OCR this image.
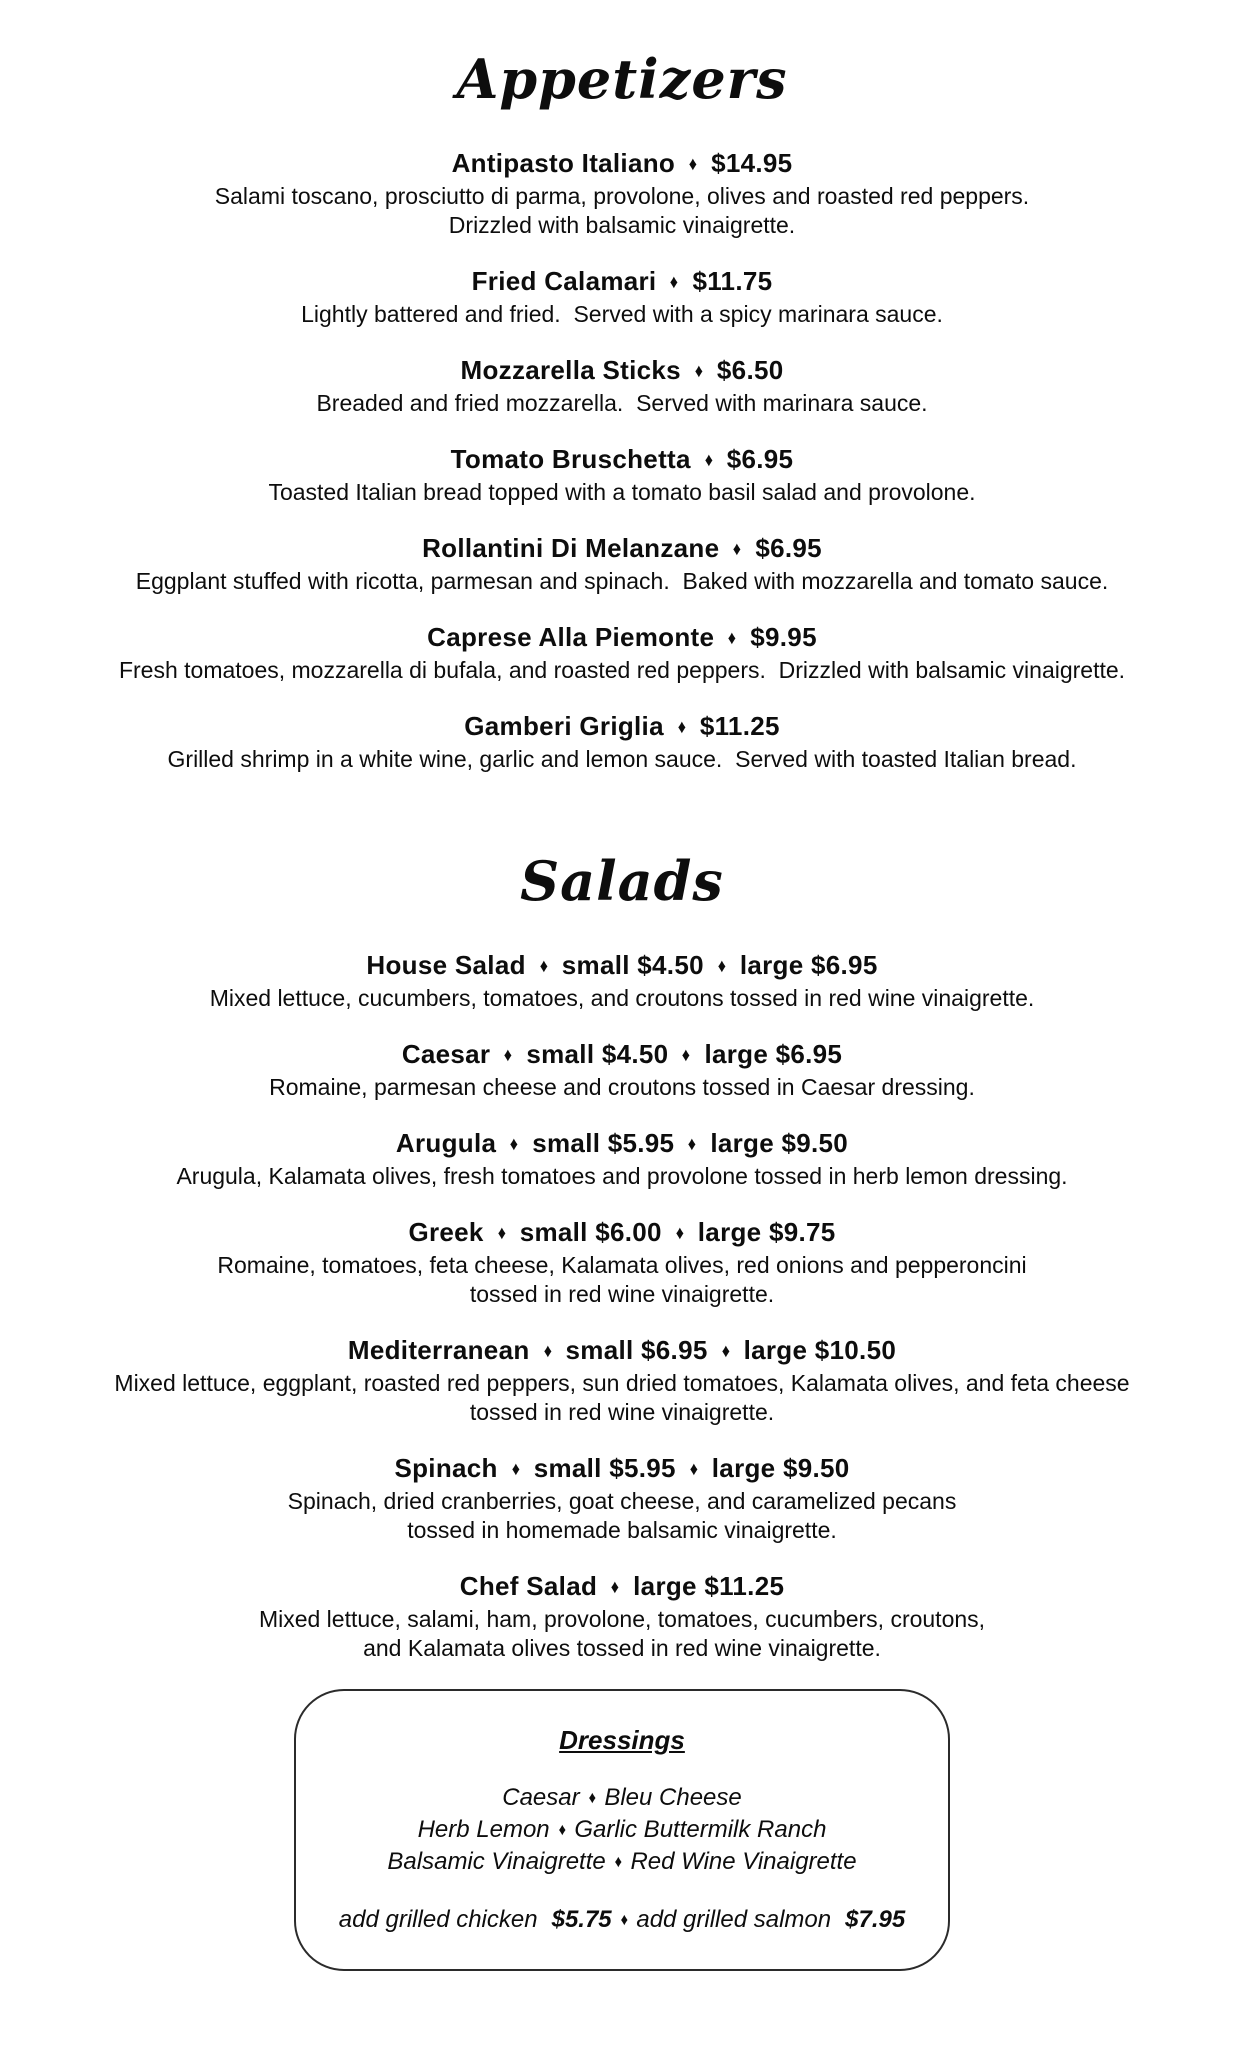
Appetizers
Antipasto Italiano ♦ $14.95
Salami toscano, prosciutto di parma, provolone, olives and roasted red peppers.
Drizzled with balsamic vinaigrette.
Fried Calamari ♦ $11.75
Lightly battered and fried.  Served with a spicy marinara sauce.
Mozzarella Sticks ♦ $6.50
Breaded and fried mozzarella.  Served with marinara sauce.
Tomato Bruschetta ♦ $6.95
Toasted Italian bread topped with a tomato basil salad and provolone.
Rollantini Di Melanzane ♦ $6.95
Eggplant stuffed with ricotta, parmesan and spinach.  Baked with mozzarella and tomato sauce.
Caprese Alla Piemonte ♦ $9.95
Fresh tomatoes, mozzarella di bufala, and roasted red peppers.  Drizzled with balsamic vinaigrette.
Gamberi Griglia ♦ $11.25
Grilled shrimp in a white wine, garlic and lemon sauce.  Served with toasted Italian bread.
Salads
House Salad ♦ small $4.50 ♦ large $6.95
Mixed lettuce, cucumbers, tomatoes, and croutons tossed in red wine vinaigrette.
Caesar ♦ small $4.50 ♦ large $6.95
Romaine, parmesan cheese and croutons tossed in Caesar dressing.
Arugula ♦ small $5.95 ♦ large $9.50
Arugula, Kalamata olives, fresh tomatoes and provolone tossed in herb lemon dressing.
Greek ♦ small $6.00 ♦ large $9.75
Romaine, tomatoes, feta cheese, Kalamata olives, red onions and pepperoncini
tossed in red wine vinaigrette.
Mediterranean ♦ small $6.95 ♦ large $10.50
Mixed lettuce, eggplant, roasted red peppers, sun dried tomatoes, Kalamata olives, and feta cheese
tossed in red wine vinaigrette.
Spinach ♦ small $5.95 ♦ large $9.50
Spinach, dried cranberries, goat cheese, and caramelized pecans
tossed in homemade balsamic vinaigrette.
Chef Salad ♦ large $11.25
Mixed lettuce, salami, ham, provolone, tomatoes, cucumbers, croutons,
and Kalamata olives tossed in red wine vinaigrette.
Dressings
Caesar ♦ Bleu Cheese
Herb Lemon ♦ Garlic Buttermilk Ranch
Balsamic Vinaigrette ♦ Red Wine Vinaigrette
add grilled chicken $5.75 ♦ add grilled salmon $7.95
